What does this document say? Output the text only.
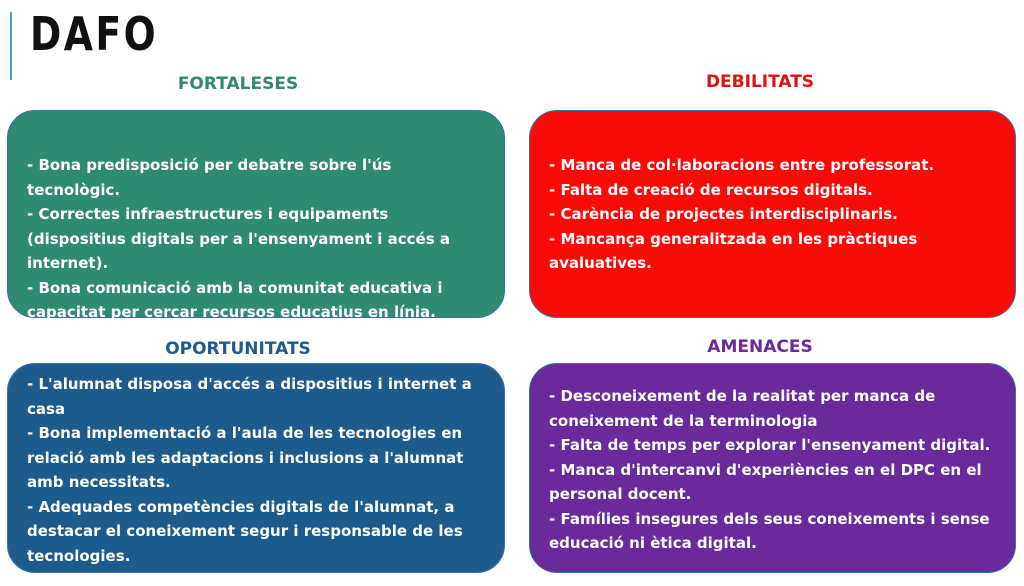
DAFO
FORTALESES	DEBILITATS
OPORTUNITATS	AMENACES
- Bona predisposició per debatre sobre l'ús tecnològic.
- Correctes infraestructures i equipaments (dispositius digitals per a l'ensenyament i accés a internet).
- Bona comunicació amb la comunitat educativa i capacitat per cercar recursos educatius en línia.
- Manca de col·laboracions entre professorat.
- Falta de creació de recursos digitals.
- Carència de projectes interdisciplinaris.
- Mancança generalitzada en les pràctiques avaluatives.
- L'alumnat disposa d'accés a dispositius i internet a casa
- Bona implementació a l'aula de les tecnologies en relació amb les adaptacions i inclusions a l'alumnat amb necessitats.
- Adequades competències digitals de l'alumnat, a destacar el coneixement segur i responsable de les tecnologies.
- Desconeixement de la realitat per manca de coneixement de la terminologia
- Falta de temps per explorar l'ensenyament digital.
- Manca d'intercanvi d'experiències en el DPC en el personal docent.
- Famílies insegures dels seus coneixements i sense educació ni ètica digital.
